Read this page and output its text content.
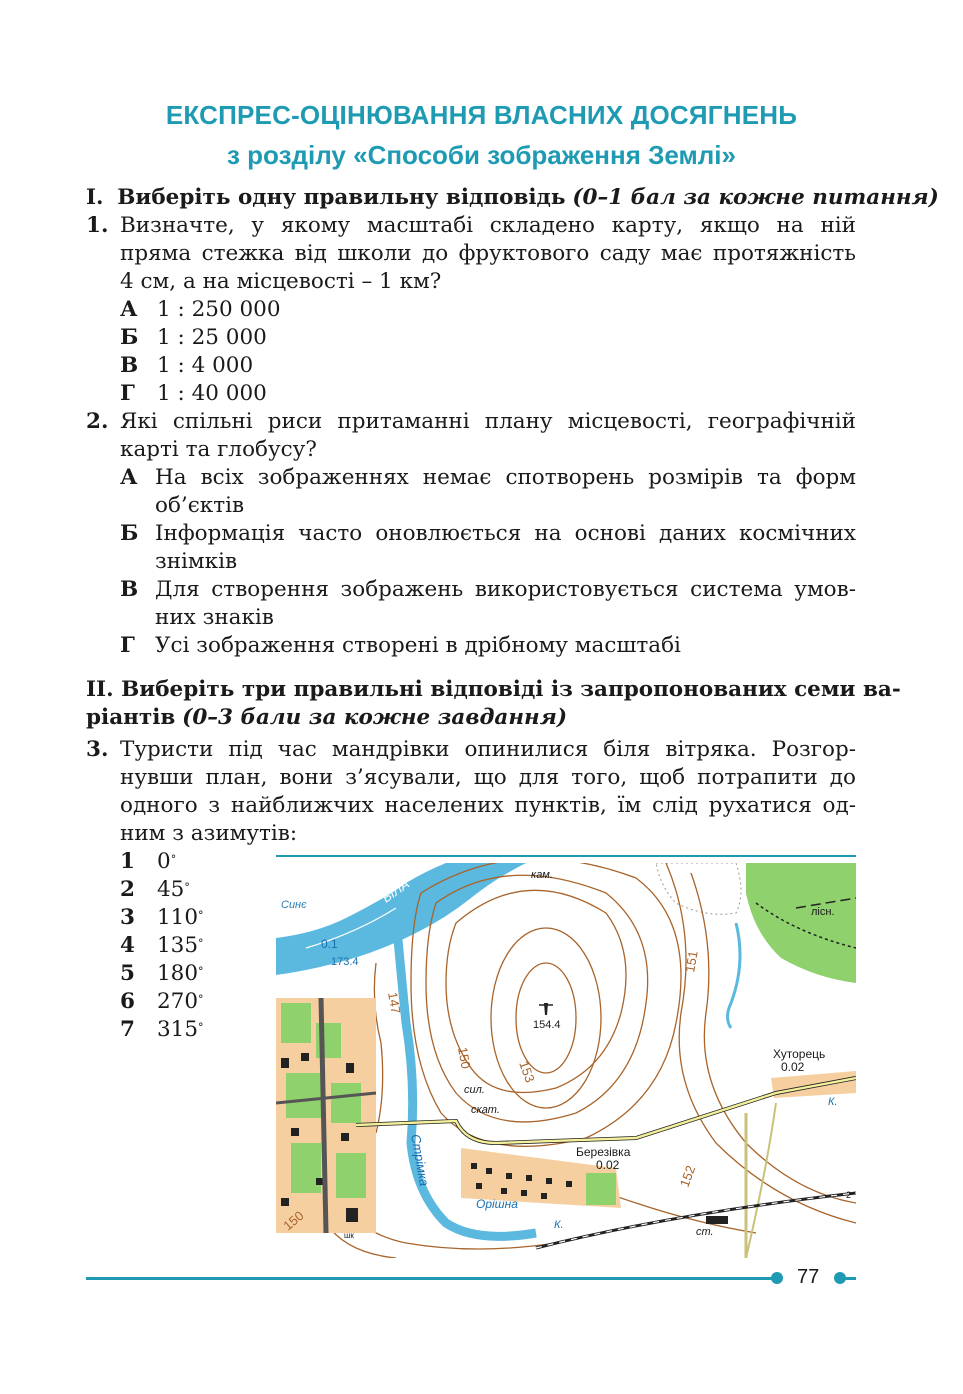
ЕКСПРЕС-ОЦІНЮВАННЯ ВЛАСНИХ ДОСЯГНЕНЬ
з розділу «Способи зображення Землі»
I. Виберіть одну правильну відповідь (0–1 бал за кожне питання)
1. Визначте, у якому масштабі складено карту, якщо на ній
пряма стежка від школи до фруктового саду має протяжність
4 см, а на місцевості – 1 км?
А 1 : 250 000
Б 1 : 25 000
В 1 : 4 000
Г 1 : 40 000
2. Які спільні риси притаманні плану місцевості, географічній
карті та глобусу?
А На всіх зображеннях немає спотворень розмірів та форм
об’єктів
Б Інформація часто оновлюється на основі даних космічних
знімків
В Для створення зображень використовується система умов-
них знаків
Г Усі зображення створені в дрібному масштабі
II. Виберіть три правильні відповіді із запропонованих семи ва-
ріантів (0–3 бали за кожне завдання)
3. Туристи під час мандрівки опинилися біля вітряка. Розгор-
нувши план, вони з’ясували, що для того, щоб потрапити до
одного з найближчих населених пунктів, їм слід рухатися од-
ним з азимутів:
1 0°
2 45°
3 110°
4 135°
5 180°
6 270°
7 315°
Синє	БІЛА
0.1
173.4
кам.
лісн.
154.4
150
153
151
152
147
150
Хуторець
0.02
Березівка
0.02
сил.
скат.
Стрімка
Орішна
К.
К.
ст.
шк
2
77
